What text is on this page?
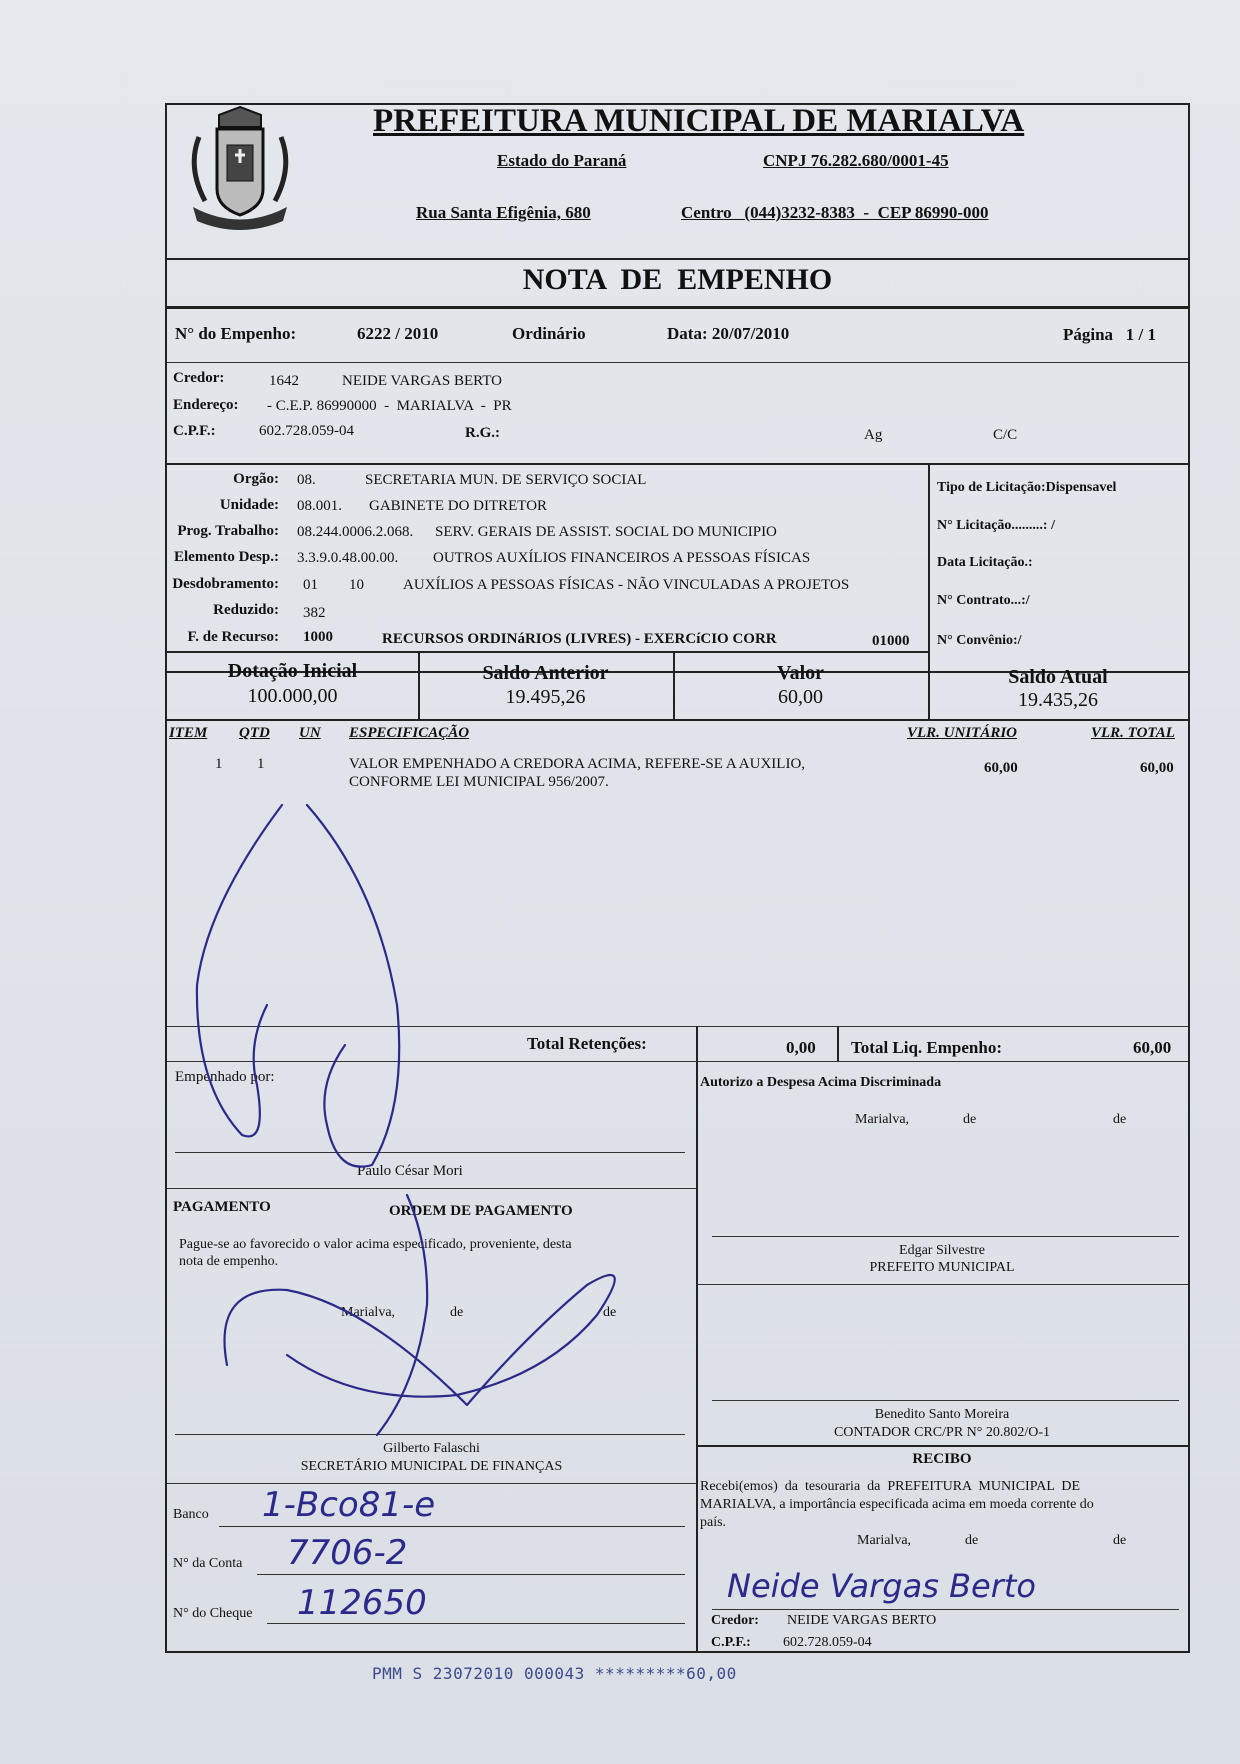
PREFEITURA MUNICIPAL DE MARIALVA
Estado do Paraná	CNPJ 76.282.680/0001-45
Rua Santa Efigênia, 680	Centro   (044)3232-8383  -  CEP 86990-000
NOTA  DE  EMPENHO
N° do Empenho:	6222 / 2010	Ordinário	Data: 20/07/2010	Página   1 / 1
Credor:	1642	NEIDE VARGAS BERTO
Endereço: - C.E.P. 86990000  -  MARIALVA  -  PR
C.P.F.:	602.728.059-04	R.G.:	Ag	C/C
Orgão: 08.	SECRETARIA MUN. DE SERVIÇO SOCIAL
Unidade: 08.001. GABINETE DO DITRETOR
Prog. Trabalho: 08.244.0006.2.068. SERV. GERAIS DE ASSIST. SOCIAL DO MUNICIPIO
Elemento Desp.: 3.3.9.0.48.00.00. OUTROS AUXÍLIOS FINANCEIROS A PESSOAS FÍSICAS
Desdobramento: 01 10	AUXÍLIOS A PESSOAS FÍSICAS - NÃO VINCULADAS A PROJETOS
Reduzido: 382
F. de Recurso: 1000	RECURSOS ORDINáRIOS (LIVRES) - EXERCíCIO CORR	01000
Tipo de Licitação:Dispensavel
N° Licitação.........: /
Data Licitação.:
N° Contrato...:/
N° Convênio:/
Dotação Inicial
100.000,00
Saldo Anterior
19.495,26
Valor
60,00
Saldo Atual
19.435,26
ITEM QTD UN ESPECIFICAÇÃO	VLR. UNITÁRIO	VLR. TOTAL
1 1	VALOR EMPENHADO A CREDORA ACIMA, REFERE-SE A AUXILIO,
CONFORME LEI MUNICIPAL 956/2007.
60,00	60,00
Total Retenções:	0,00 Total Liq. Empenho:	60,00
Empenhado por:
Paulo César Mori
PAGAMENTO	ORDEM DE PAGAMENTO
Pague-se ao favorecido o valor acima especificado, proveniente, desta
nota de empenho.
Marialva,	de	de
Gilberto Falaschi
SECRETÁRIO MUNICIPAL DE FINANÇAS
Banco 1-Bco81-e
N° da Conta 7706-2
N° do Cheque 112650
Autorizo a Despesa Acima Discriminada
Marialva,	de	de
Edgar Silvestre
PREFEITO MUNICIPAL
Benedito Santo Moreira
CONTADOR CRC/PR N° 20.802/O-1
RECIBO
Recebi(emos)  da  tesouraria  da  PREFEITURA  MUNICIPAL  DE
MARIALVA, a importância especificada acima em moeda corrente do
país.
Marialva,	de	de
Neide Vargas Berto
Credor: NEIDE VARGAS BERTO
C.P.F.: 602.728.059-04
PMM S 23072010 000043 *********60,00
